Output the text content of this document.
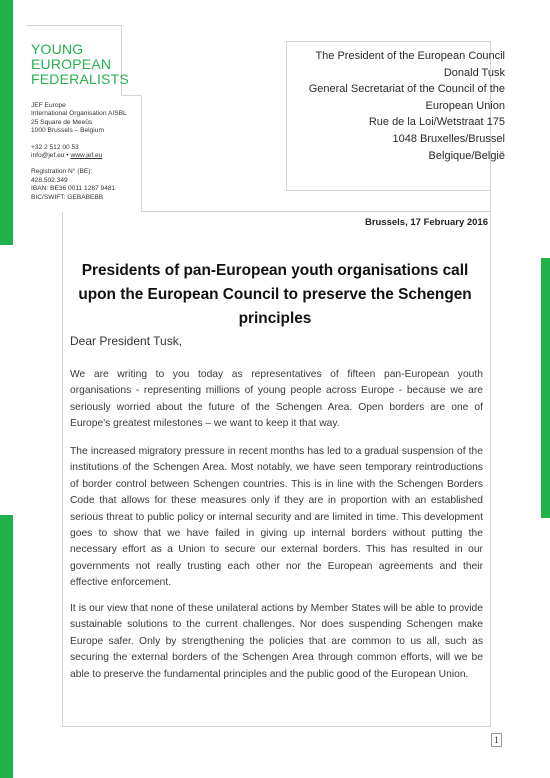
YOUNG
EUROPEAN
FEDERALISTS
JEF Europe
International Organisation AISBL
25 Square de Meeûs
1000 Brussels – Belgium
+32 2 512 00 53
info@jef.eu • www.jef.eu
Registration N° (BE):
428.502.349
IBAN: BE36 0011 1287 9481
BIC/SWIFT: GEBABEBB
The President of the European Council
Donald Tusk
General Secretariat of the Council of the
European Union
Rue de la Loi/Wetstraat 175
1048 Bruxelles/Brussel
Belgique/België
Brussels, 17 February 2016
Presidents of pan-European youth organisations call upon the European Council to preserve the Schengen principles
Dear President Tusk,
We are writing to you today as representatives of fifteen pan-European youth organisations - representing millions of young people across Europe - because we are seriously worried about the future of the Schengen Area. Open borders are one of Europe's greatest milestones – we want to keep it that way.
The increased migratory pressure in recent months has led to a gradual suspension of the institutions of the Schengen Area. Most notably, we have seen temporary reintroductions of border control between Schengen countries. This is in line with the Schengen Borders Code that allows for these measures only if they are in proportion with an established serious threat to public policy or internal security and are limited in time. This development goes to show that we have failed in giving up internal borders without putting the necessary effort as a Union to secure our external borders. This has resulted in our governments not really trusting each other nor the European agreements and their effective enforcement.
It is our view that none of these unilateral actions by Member States will be able to provide sustainable solutions to the current challenges. Nor does suspending Schengen make Europe safer. Only by strengthening the policies that are common to us all, such as securing the external borders of the Schengen Area through common efforts, will we be able to preserve the fundamental principles and the public good of the European Union.
1
